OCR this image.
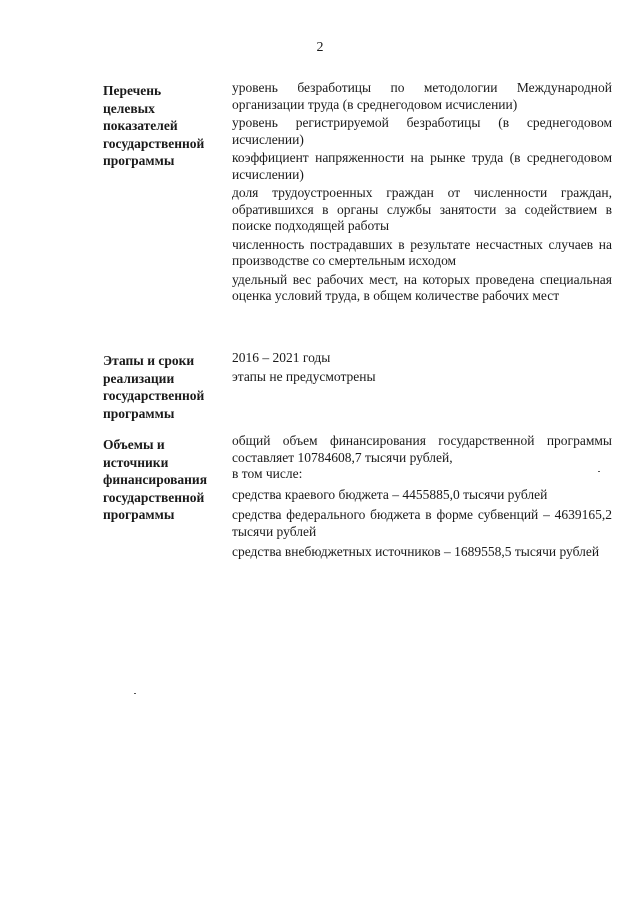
2
Перечень
целевых
показателей
государственной
программы

уровень безработицы по методологии Международной организации труда (в среднегодовом исчислении)

уровень регистрируемой безработицы (в среднегодовом исчислении)

коэффициент напряженности на рынке труда (в среднегодовом исчислении)

доля трудоустроенных граждан от численности граждан, обратившихся в органы службы занятости за содействием в поиске подходящей работы

численность пострадавших в результате несчастных случаев на производстве со смертельным исходом

удельный вес рабочих мест, на которых проведена специальная оценка условий труда, в общем количестве рабочих мест

Этапы и сроки
реализации
государственной
программы

2016 – 2021 годы

этапы не предусмотрены

Объемы и
источники
финансирования
государственной
программы

общий объем финансирования государственной программы составляет 10784608,7 тысячи рублей,

в том числе:

средства краевого бюджета – 4455885,0 тысячи рублей

средства федерального бюджета в форме субвенций – 4639165,2 тысячи рублей

средства внебюджетных источников – 1689558,5 тысячи рублей
